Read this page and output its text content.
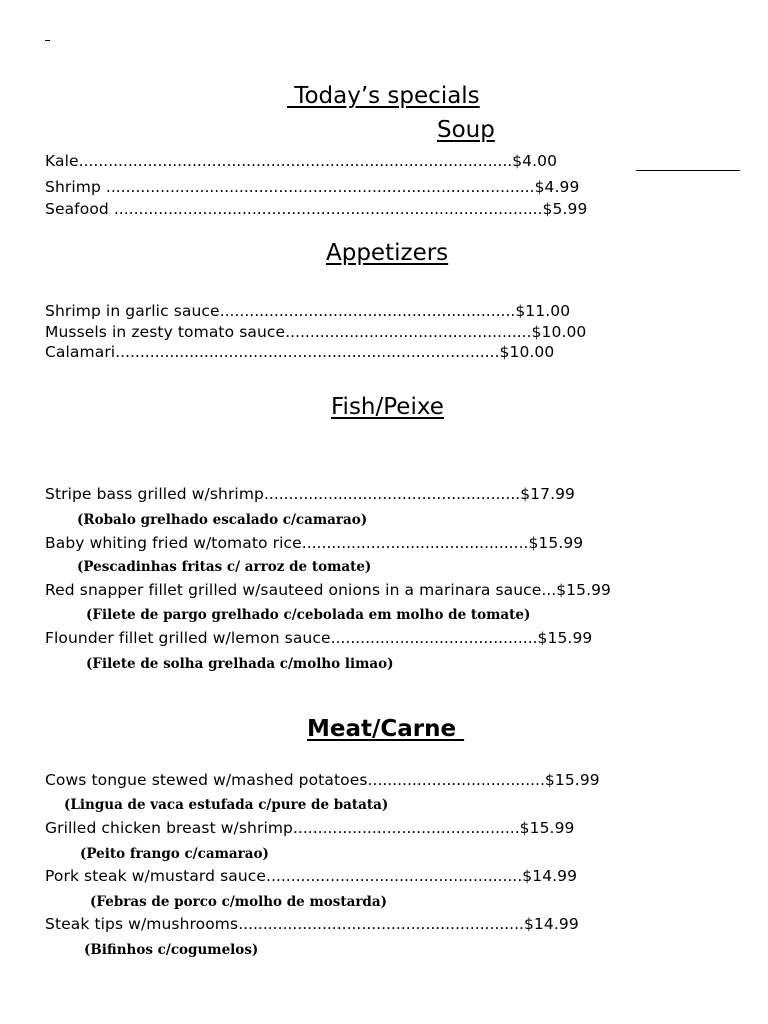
Today’s specials
Soup
Kale........................................................................................$4.00
Shrimp .......................................................................................$4.99
Seafood .......................................................................................$5.99
Appetizers
Shrimp in garlic sauce............................................................$11.00
Mussels in zesty tomato sauce..................................................$10.00
Calamari..............................................................................$10.00
Fish/Peixe
Stripe bass grilled w/shrimp....................................................$17.99
(Robalo grelhado escalado c/camarao)
Baby whiting fried w/tomato rice..............................................$15.99
(Pescadinhas fritas c/ arroz de tomate)
Red snapper fillet grilled w/sauteed onions in a marinara sauce...$15.99
(Filete de pargo grelhado c/cebolada em molho de tomate)
Flounder fillet grilled w/lemon sauce..........................................$15.99
(Filete de solha grelhada c/molho limao)
Meat/Carne
Cows tongue stewed w/mashed potatoes....................................$15.99
(Lingua de vaca estufada c/pure de batata)
Grilled chicken breast w/shrimp..............................................$15.99
(Peito frango c/camarao)
Pork steak w/mustard sauce....................................................$14.99
(Febras de porco c/molho de mostarda)
Steak tips w/mushrooms..........................................................$14.99
(Bifinhos c/cogumelos)
